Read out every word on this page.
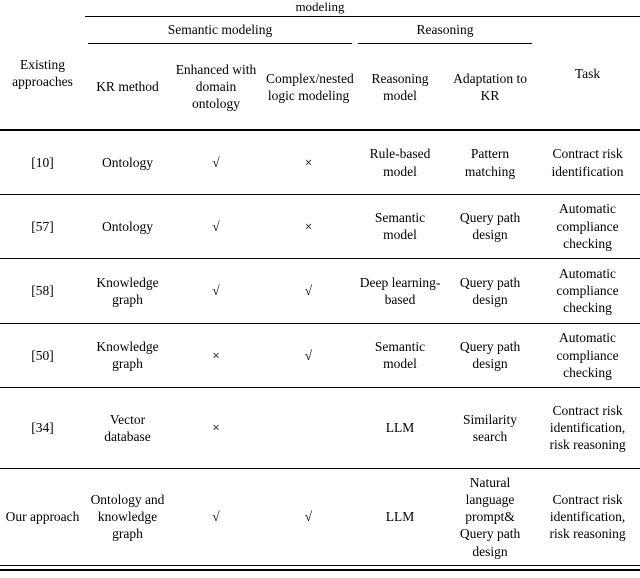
modeling
Existing approaches	Semantic modeling			Reasoning		Task
	KR method	Enhanced with domain ontology	Complex/nested logic modeling	Reasoning model	Adaptation to KR	
[10]	Ontology	√	×	Rule-based model	Pattern matching	Contract risk identification
[57]	Ontology	√	×	Semantic model	Query path design	Automatic compliance checking
[58]	Knowledge graph	√	√	Deep learning-based	Query path design	Automatic compliance checking
[50]	Knowledge graph	×	√	Semantic model	Query path design	Automatic compliance checking
[34]	Vector database	×		LLM	Similarity search	Contract risk identification, risk reasoning
Our approach	Ontology and knowledge graph	√	√	LLM	Natural language prompt& Query path design	Contract risk identification, risk reasoning
